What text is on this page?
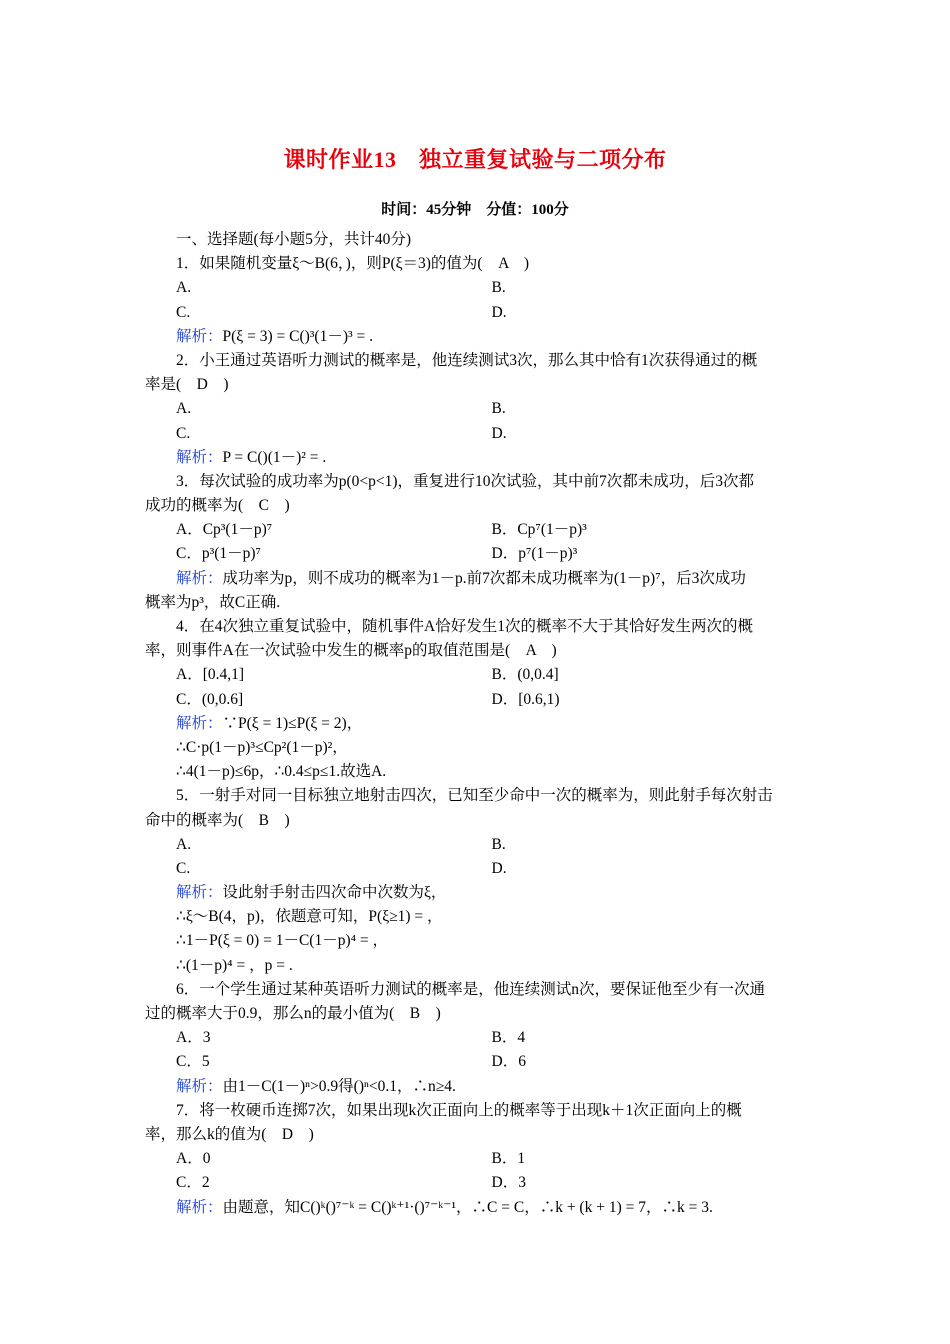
课时作业13　独立重复试验与二项分布
时间：45分钟　分值：100分
一、选择题(每小题5分，共计40分)
1．如果随机变量ξ～B(6，)，则P(ξ＝3)的值为(　A　)
A.	B.
C.	D.
解析：P(ξ = 3) = C()³(1－)³ = .
2．小王通过英语听力测试的概率是，他连续测试3次，那么其中恰有1次获得通过的概
率是(　D　)
A.	B.
C.	D.
解析：P = C()(1－)² = .
3．每次试验的成功率为p(0<p<1)，重复进行10次试验，其中前7次都未成功，后3次都
成功的概率为(　C　)
A．Cp³(1－p)⁷	B．Cp⁷(1－p)³
C．p³(1－p)⁷	D．p⁷(1－p)³
解析：成功率为p，则不成功的概率为1－p.前7次都未成功概率为(1－p)⁷，后3次成功
概率为p³，故C正确.
4．在4次独立重复试验中，随机事件A恰好发生1次的概率不大于其恰好发生两次的概
率，则事件A在一次试验中发生的概率p的取值范围是(　A　)
A．[0.4,1]	B．(0,0.4]
C．(0,0.6]	D．[0.6,1)
解析：∵P(ξ = 1)≤P(ξ = 2)，
∴C·p(1－p)³≤Cp²(1－p)²，
∴4(1－p)≤6p，∴0.4≤p≤1.故选A.
5．一射手对同一目标独立地射击四次，已知至少命中一次的概率为，则此射手每次射击
命中的概率为(　B　)
A.	B.
C.	D.
解析：设此射手射击四次命中次数为ξ，
∴ξ～B(4，p)，依题意可知，P(ξ≥1) = ，
∴1－P(ξ = 0) = 1－C(1－p)⁴ = ，
∴(1－p)⁴ = ，p = .
6．一个学生通过某种英语听力测试的概率是，他连续测试n次，要保证他至少有一次通
过的概率大于0.9，那么n的最小值为(　B　)
A．3	B．4
C．5	D．6
解析：由1－C(1－)ⁿ>0.9得()ⁿ<0.1，∴n≥4.
7．将一枚硬币连掷7次，如果出现k次正面向上的概率等于出现k＋1次正面向上的概
率，那么k的值为(　D　)
A．0	B．1
C．2	D．3
解析：由题意，知C()ᵏ()⁷⁻ᵏ = C()ᵏ⁺¹·()⁷⁻ᵏ⁻¹，∴C = C，∴k + (k + 1) = 7，∴k = 3.
